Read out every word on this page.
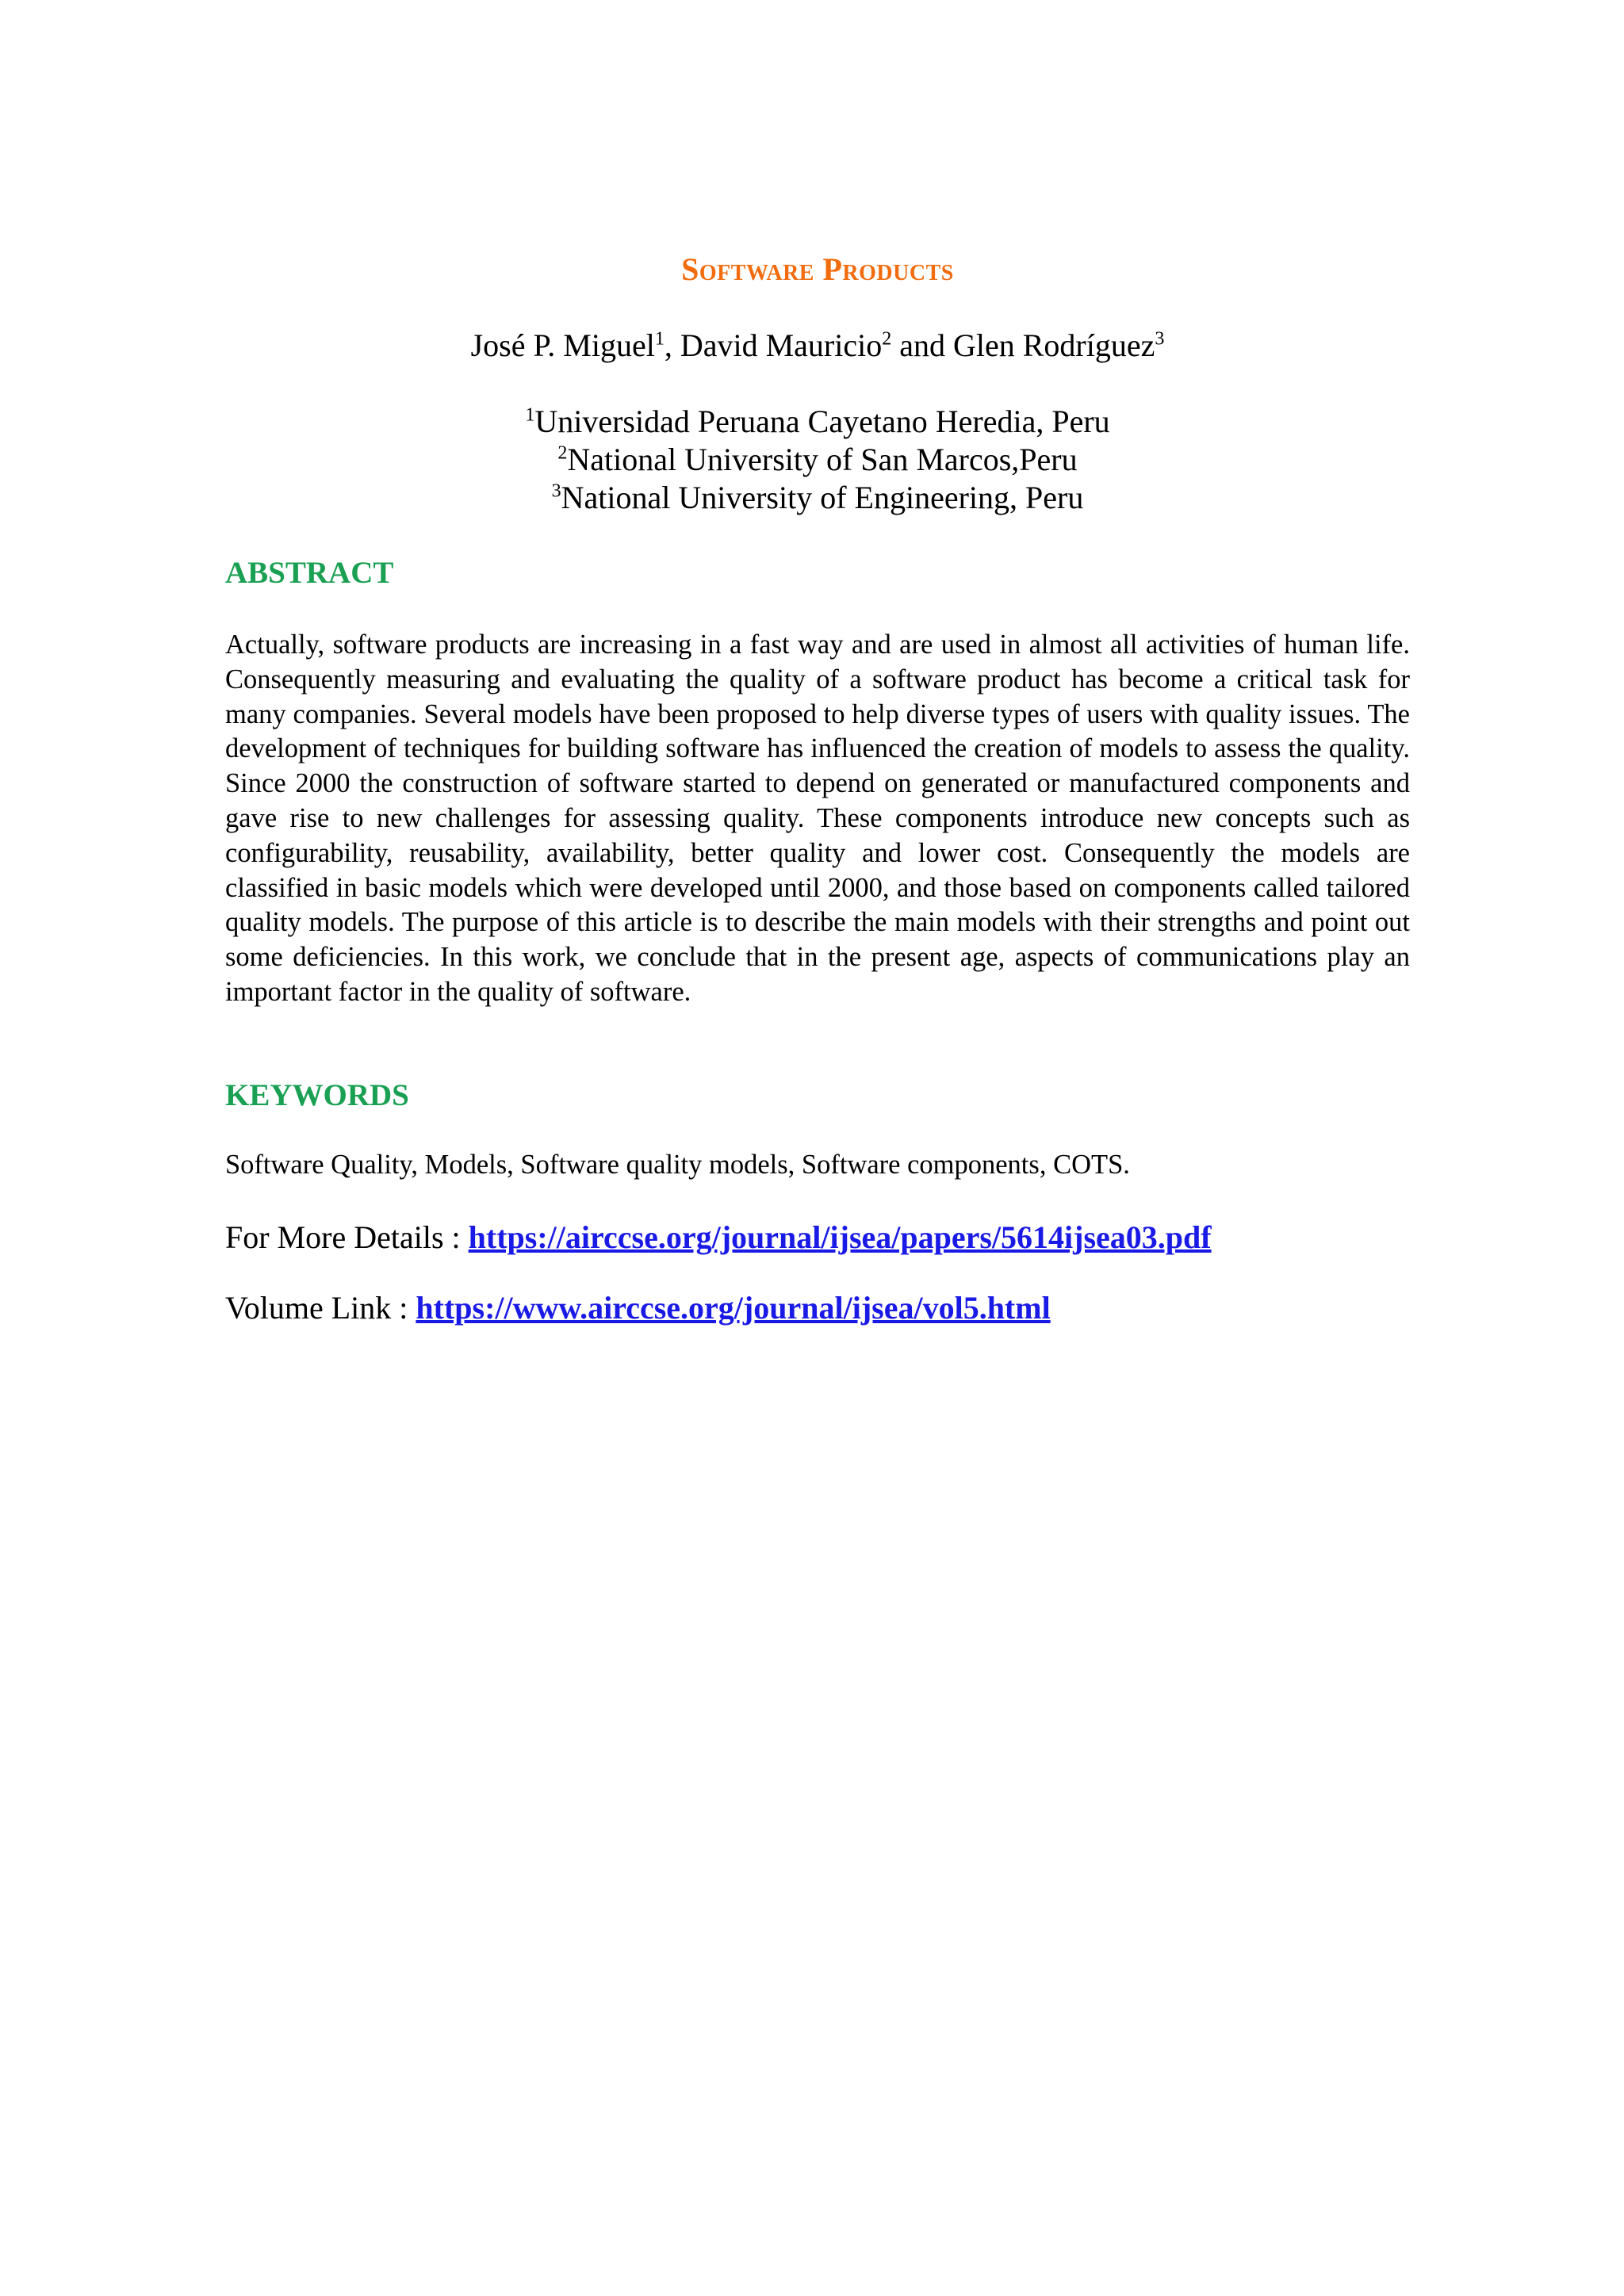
Software Products
José P. Miguel$^1$, David Mauricio$^2$ and Glen Rodríguez$^3$
$^1$Universidad Peruana Cayetano Heredia, Peru
$^2$National University of San Marcos,Peru
$^3$National University of Engineering, Peru
ABSTRACT
Actually, software products are increasing in a fast way and are used in almost all activities of human life. Consequently measuring and evaluating the quality of a software product has become a critical task for many companies. Several models have been proposed to help diverse types of users with quality issues. The development of techniques for building software has influenced the creation of models to assess the quality. Since 2000 the construction of software started to depend on generated or manufactured components and gave rise to new challenges for assessing quality. These components introduce new concepts such as configurability, reusability, availability, better quality and lower cost. Consequently the models are classified in basic models which were developed until 2000, and those based on components called tailored quality models. The purpose of this article is to describe the main models with their strengths and point out some deficiencies. In this work, we conclude that in the present age, aspects of communications play an important factor in the quality of software.
KEYWORDS
Software Quality, Models, Software quality models, Software components, COTS.
For More Details : https://airccse.org/journal/ijsea/papers/5614ijsea03.pdf
Volume Link : https://www.airccse.org/journal/ijsea/vol5.html
